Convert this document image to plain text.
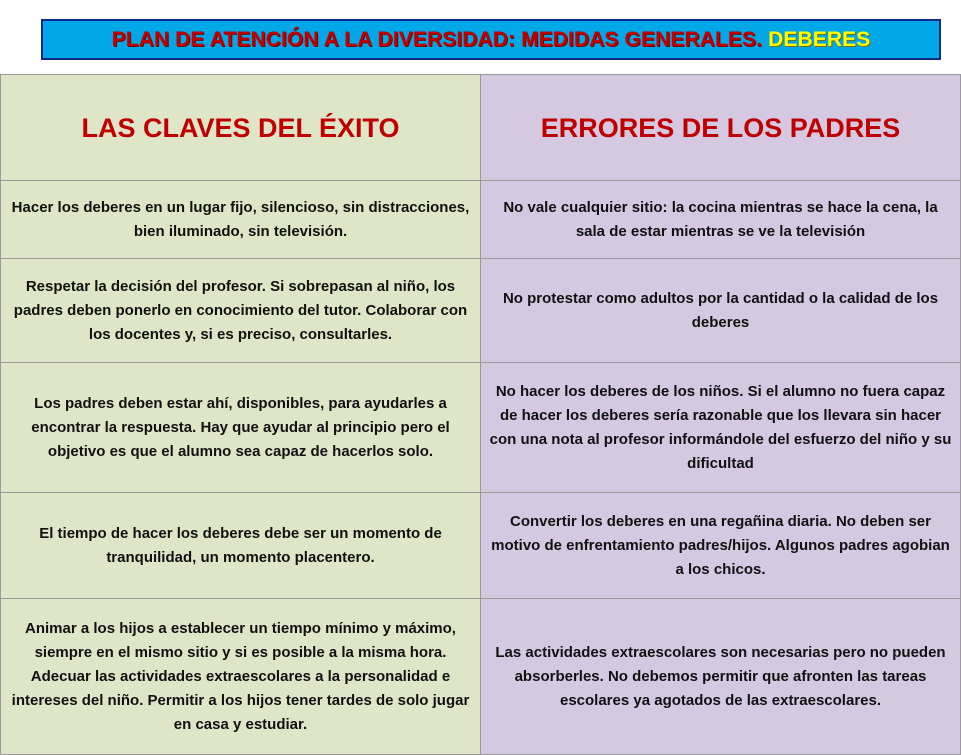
PLAN DE ATENCIÓN A LA DIVERSIDAD: MEDIDAS GENERALES. DEBERES
LAS CLAVES DEL ÉXITO	ERRORES DE LOS PADRES
Hacer los deberes en un lugar fijo, silencioso, sin distracciones, bien iluminado, sin televisión.	No vale cualquier sitio: la cocina mientras se hace la cena, la sala de estar mientras se ve la televisión
Respetar la decisión del profesor. Si sobrepasan al niño, los padres deben ponerlo en conocimiento del tutor. Colaborar con los docentes y, si es preciso, consultarles.	No protestar como adultos por la cantidad o la calidad de los deberes
Los padres deben estar ahí, disponibles, para ayudarles a encontrar la respuesta. Hay que ayudar al principio pero el objetivo es que el alumno sea capaz de hacerlos solo.	No hacer los deberes de los niños. Si el alumno no fuera capaz de hacer los deberes sería razonable que los llevara sin hacer con una nota al profesor informándole del esfuerzo del niño y su dificultad
El tiempo de hacer los deberes debe ser un momento de tranquilidad, un momento placentero.	Convertir los deberes en una regañina diaria. No deben ser motivo de enfrentamiento padres/hijos. Algunos padres agobian a los chicos.
Animar a los hijos a establecer un tiempo mínimo y máximo, siempre en el mismo sitio y si es posible a la misma hora. Adecuar las actividades extraescolares a la personalidad e intereses del niño. Permitir a los hijos tener tardes de solo jugar en casa y estudiar.	Las actividades extraescolares son necesarias pero no pueden absorberles. No debemos permitir que afronten las tareas escolares ya agotados de las extraescolares.
